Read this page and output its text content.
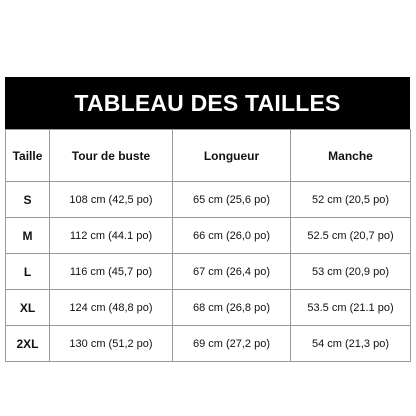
TABLEAU DES TAILLES
Taille	Tour de buste	Longueur	Manche
S	108 cm (42,5 po)	65 cm (25,6 po)	52 cm (20,5 po)
M	112 cm (44.1 po)	66 cm (26,0 po)	52.5 cm (20,7 po)
L	116 cm (45,7 po)	67 cm (26,4 po)	53 cm (20,9 po)
XL	124 cm (48,8 po)	68 cm (26,8 po)	53.5 cm (21.1 po)
2XL	130 cm (51,2 po)	69 cm (27,2 po)	54 cm (21,3 po)
